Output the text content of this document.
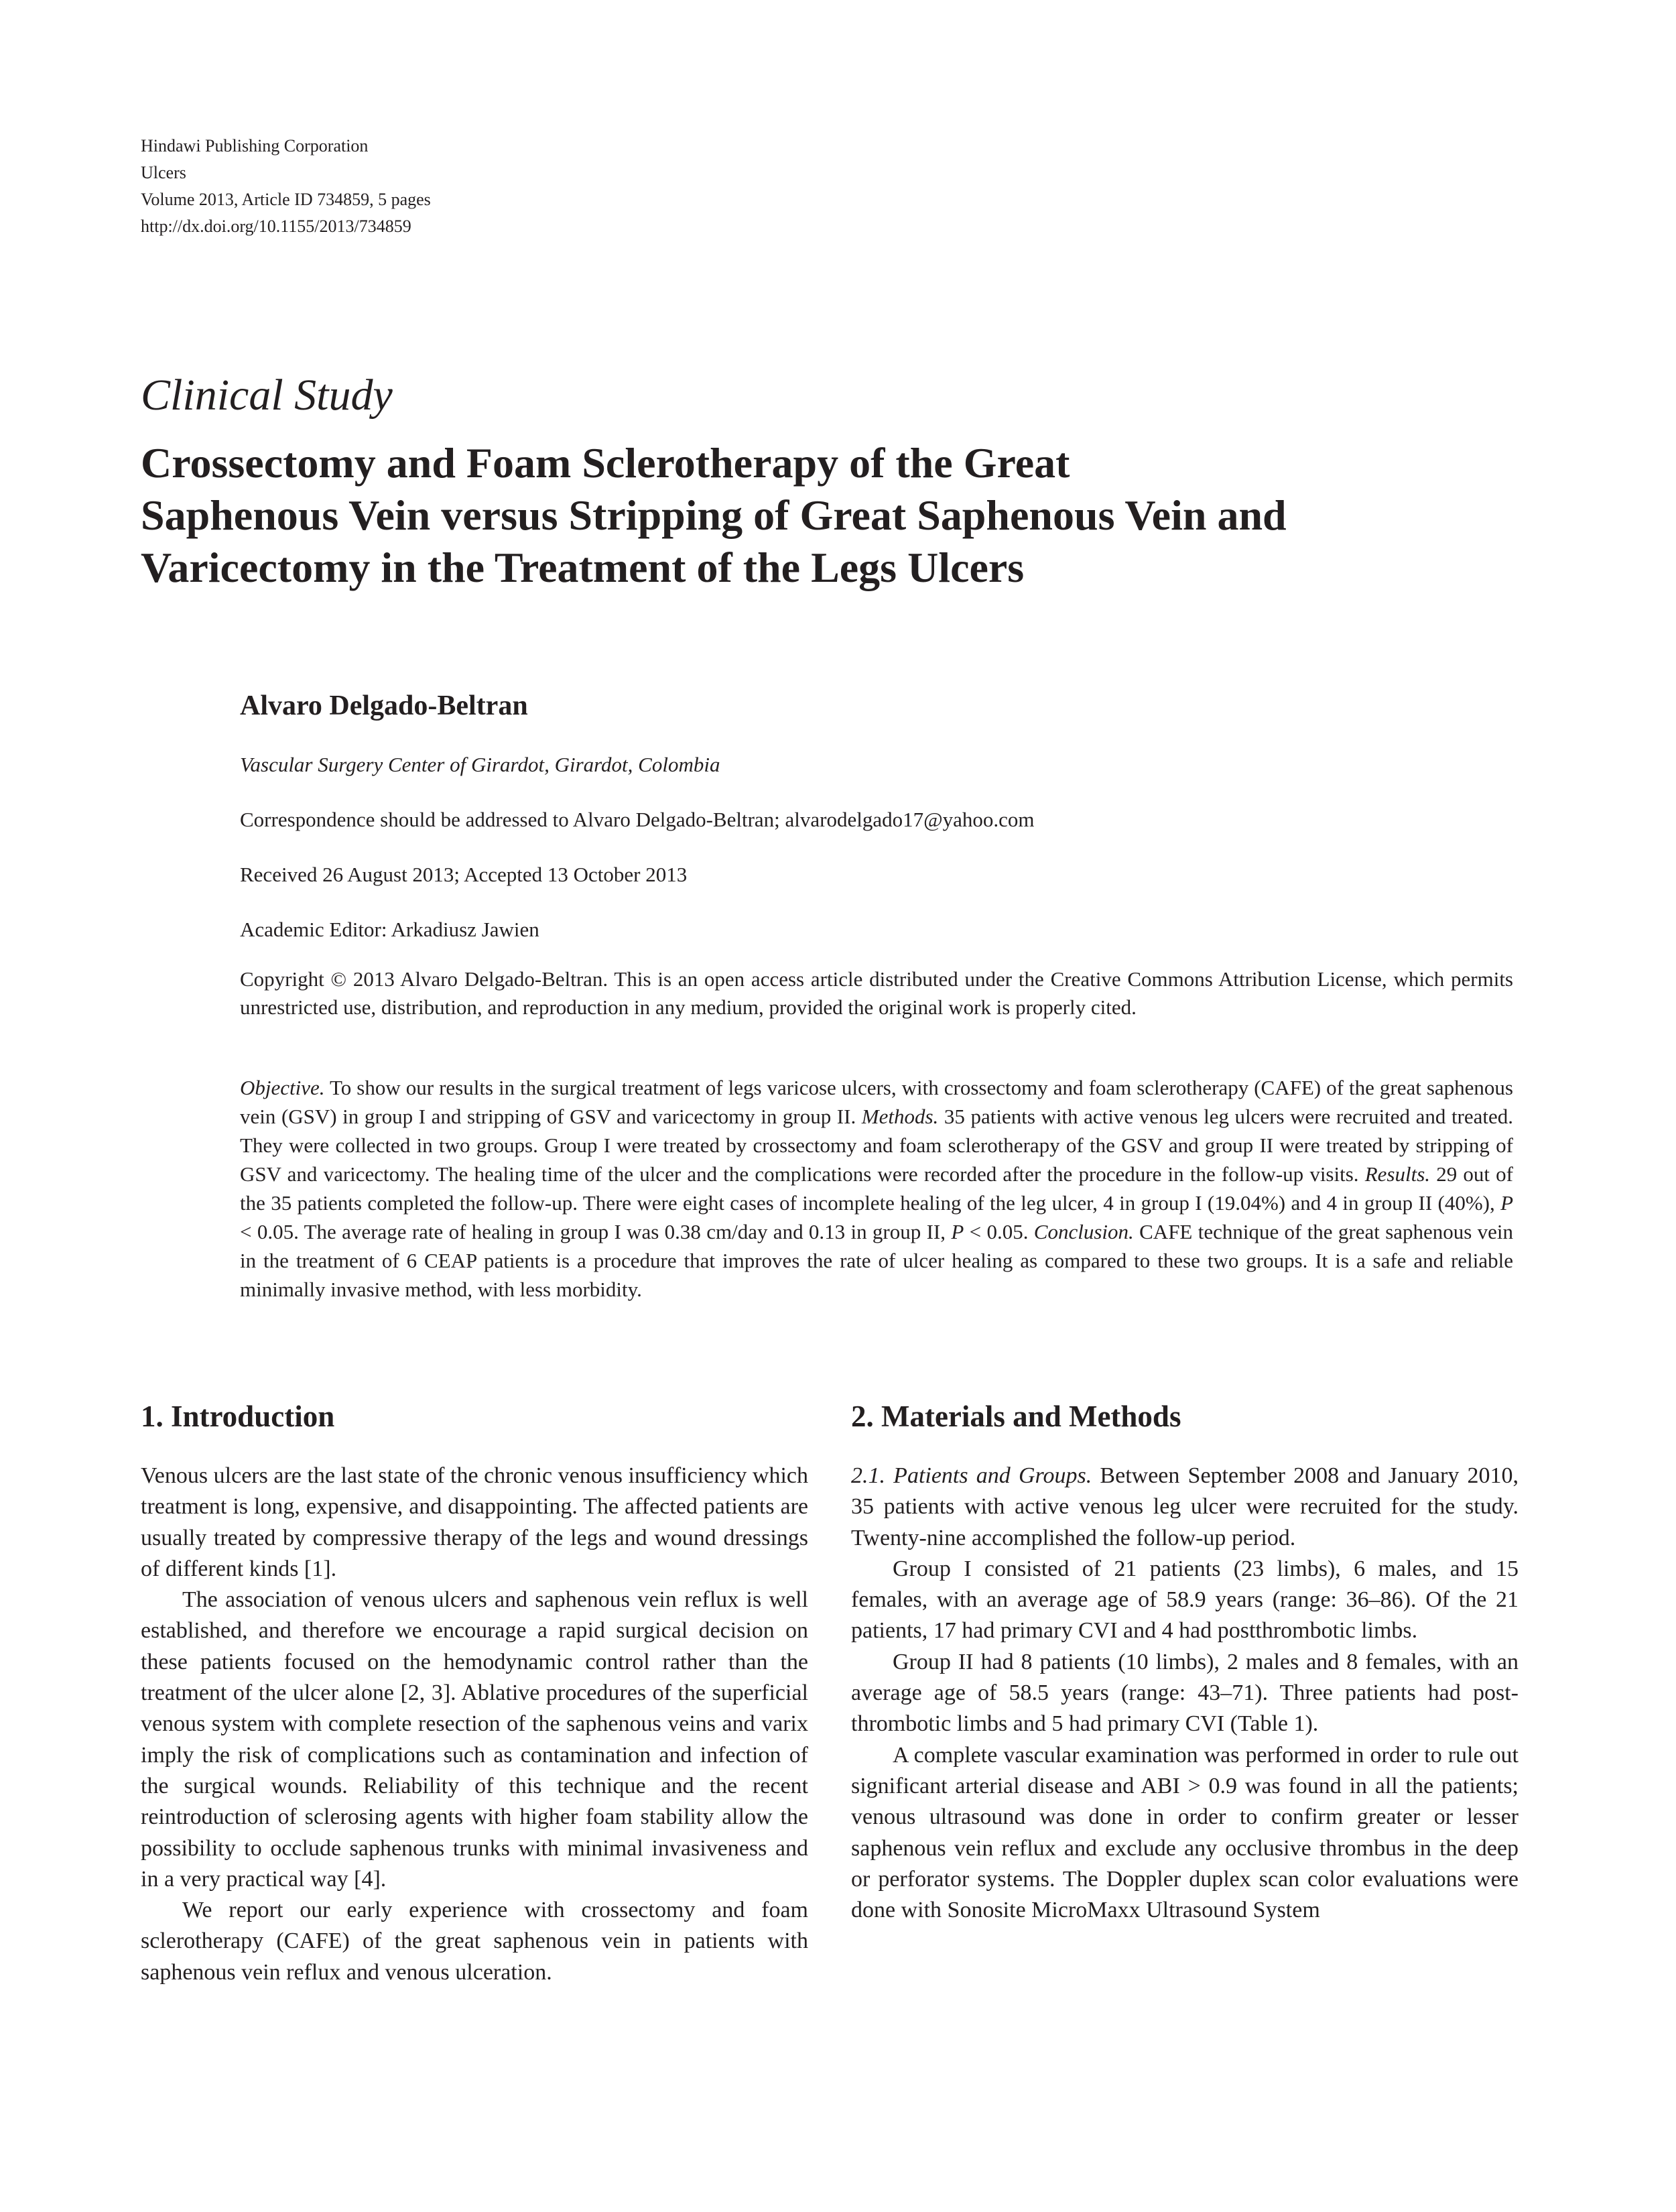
Hindawi Publishing Corporation
Ulcers
Volume 2013, Article ID 734859, 5 pages
http://dx.doi.org/10.1155/2013/734859
Clinical Study
Crossectomy and Foam Sclerotherapy of the Great
Saphenous Vein versus Stripping of Great Saphenous Vein and
Varicectomy in the Treatment of the Legs Ulcers
Alvaro Delgado-Beltran
Vascular Surgery Center of Girardot, Girardot, Colombia
Correspondence should be addressed to Alvaro Delgado-Beltran; alvarodelgado17@yahoo.com
Received 26 August 2013; Accepted 13 October 2013
Academic Editor: Arkadiusz Jawien
Copyright © 2013 Alvaro Delgado-Beltran. This is an open access article distributed under the Creative Commons Attribution License, which permits unrestricted use, distribution, and reproduction in any medium, provided the original work is properly cited.
Objective. To show our results in the surgical treatment of legs varicose ulcers, with crossectomy and foam sclerotherapy (CAFE) of the great saphenous vein (GSV) in group I and stripping of GSV and varicectomy in group II. Methods. 35 patients with active venous leg ulcers were recruited and treated. They were collected in two groups. Group I were treated by crossectomy and foam sclerotherapy of the GSV and group II were treated by stripping of GSV and varicectomy. The healing time of the ulcer and the complications were recorded after the procedure in the follow-up visits. Results. 29 out of the 35 patients completed the follow-up. There were eight cases of incomplete healing of the leg ulcer, 4 in group I (19.04%) and 4 in group II (40%), P < 0.05. The average rate of healing in group I was 0.38 cm/day and 0.13 in group II, P < 0.05. Conclusion. CAFE technique of the great saphenous vein in the treatment of 6 CEAP patients is a procedure that improves the rate of ulcer healing as compared to these two groups. It is a safe and reliable minimally invasive method, with less morbidity.
1. Introduction

Venous ulcers are the last state of the chronic venous insufficiency which treatment is long, expensive, and disappointing. The affected patients are usually treated by compressive therapy of the legs and wound dressings of different kinds [1].

The association of venous ulcers and saphenous vein reflux is well established, and therefore we encourage a rapid surgical decision on these patients focused on the hemodynamic control rather than the treatment of the ulcer alone [2, 3]. Ablative procedures of the superficial venous system with complete resection of the saphenous veins and varix imply the risk of complications such as contamination and infection of the surgical wounds. Reliability of this technique and the recent reintroduction of sclerosing agents with higher foam stability allow the possibility to occlude saphenous trunks with minimal invasiveness and in a very practical way [4].

We report our early experience with crossectomy and foam sclerotherapy (CAFE) of the great saphenous vein in patients with saphenous vein reflux and venous ulceration.

2. Materials and Methods

2.1. Patients and Groups. Between September 2008 and January 2010, 35 patients with active venous leg ulcer were recruited for the study. Twenty-nine accomplished the follow-up period.

Group I consisted of 21 patients (23 limbs), 6 males, and 15 females, with an average age of 58.9 years (range: 36–86). Of the 21 patients, 17 had primary CVI and 4 had postthrombotic limbs.

Group II had 8 patients (10 limbs), 2 males and 8 females, with an average age of 58.5 years (range: 43–71). Three patients had post-thrombotic limbs and 5 had primary CVI (Table 1).

A complete vascular examination was performed in order to rule out significant arterial disease and ABI > 0.9 was found in all the patients; venous ultrasound was done in order to confirm greater or lesser saphenous vein reflux and exclude any occlusive thrombus in the deep or perforator systems. The Doppler duplex scan color evaluations were done with Sonosite MicroMaxx Ultrasound System
